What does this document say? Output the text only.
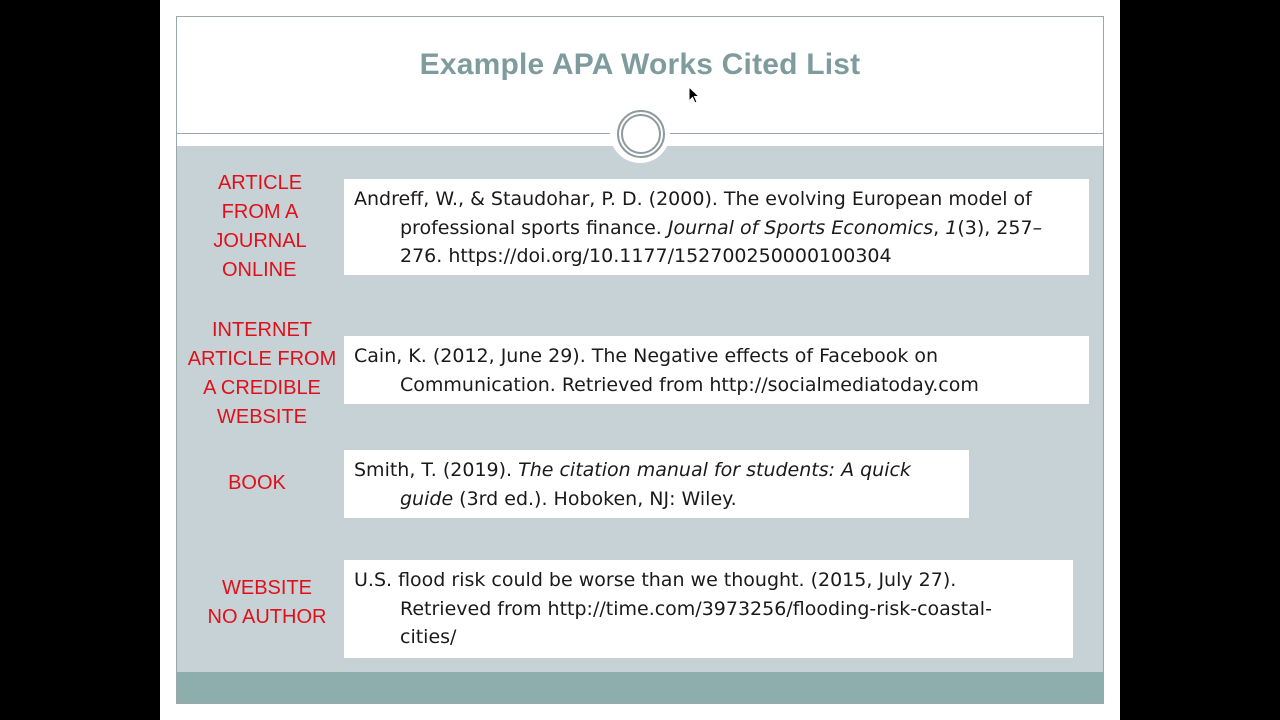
Example APA Works Cited List
ARTICLE
FROM A
JOURNAL
ONLINE
Andreff, W., & Staudohar, P. D. (2000). The evolving European model of
professional sports finance. Journal of Sports Economics, 1(3), 257–
276. https://doi.org/10.1177/152700250000100304
INTERNET
ARTICLE FROM
A CREDIBLE
WEBSITE
Cain, K. (2012, June 29). The Negative effects of Facebook on
Communication. Retrieved from http://socialmediatoday.com
BOOK
Smith, T. (2019). The citation manual for students: A quick
guide (3rd ed.). Hoboken, NJ: Wiley.
WEBSITE
NO AUTHOR
U.S. flood risk could be worse than we thought. (2015, July 27).
Retrieved from http://time.com/3973256/flooding-risk-coastal-
cities/
